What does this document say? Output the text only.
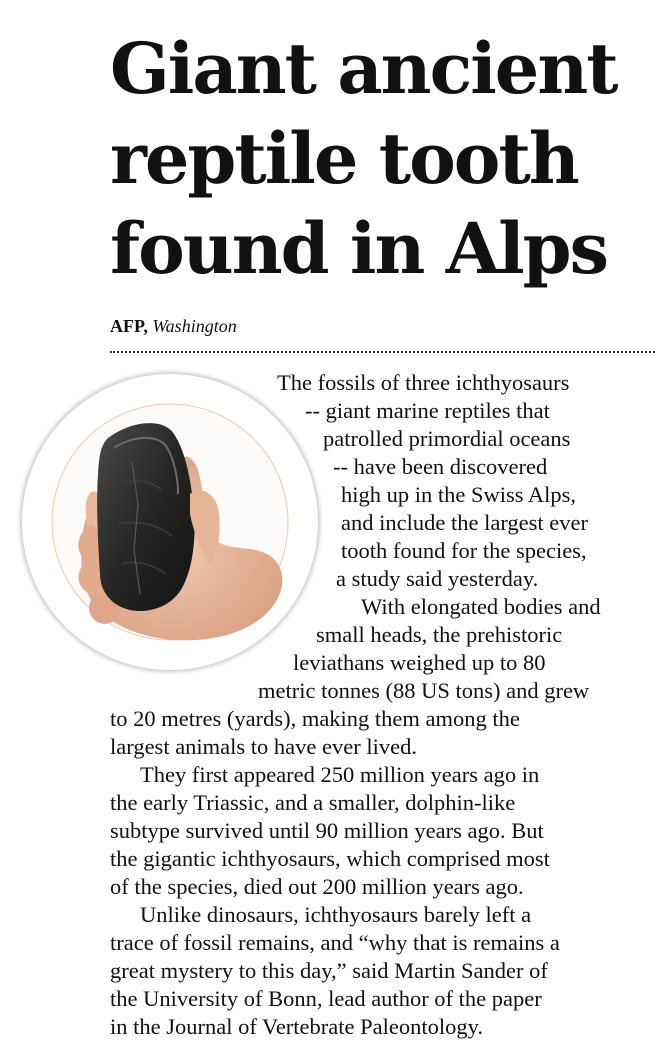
Giant ancient
reptile tooth
found in Alps
AFP, Washington
The fossils of three ichthyosaurs
-- giant marine reptiles that
patrolled primordial oceans
-- have been discovered
high up in the Swiss Alps,
and include the largest ever
tooth found for the species,
a study said yesterday.
With elongated bodies and
small heads, the prehistoric
leviathans weighed up to 80
metric tonnes (88 US tons) and grew
to 20 metres (yards), making them among the
largest animals to have ever lived.
They first appeared 250 million years ago in
the early Triassic, and a smaller, dolphin-like
subtype survived until 90 million years ago. But
the gigantic ichthyosaurs, which comprised most
of the species, died out 200 million years ago.
Unlike dinosaurs, ichthyosaurs barely left a
trace of fossil remains, and “why that is remains a
great mystery to this day,” said Martin Sander of
the University of Bonn, lead author of the paper
in the Journal of Vertebrate Paleontology.
